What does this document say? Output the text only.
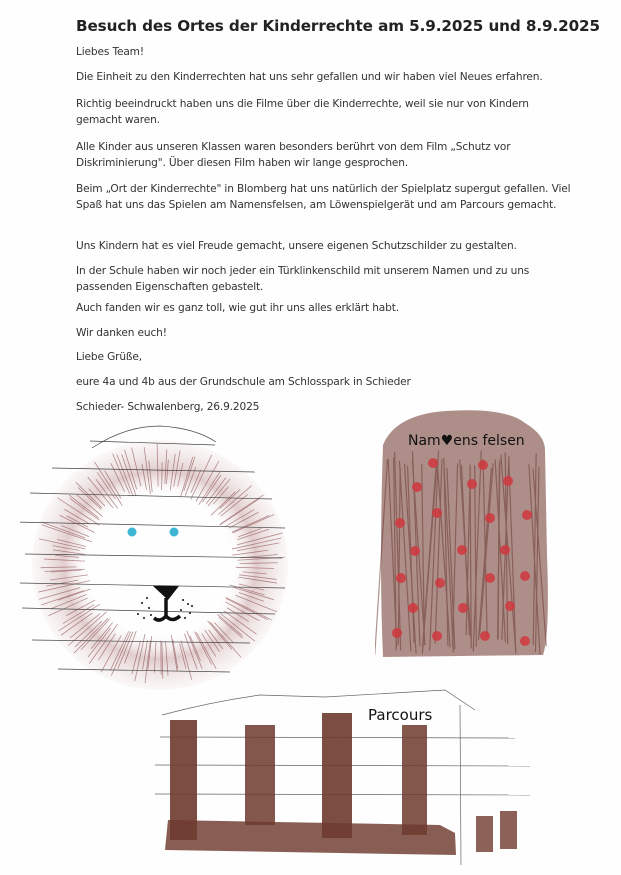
Besuch des Ortes der Kinderrechte am 5.9.2025 und 8.9.2025
Liebes Team!
Die Einheit zu den Kinderrechten hat uns sehr gefallen und wir haben viel Neues erfahren.
Richtig beeindruckt haben uns die Filme über die Kinderrechte, weil sie nur von Kindern gemacht waren.
Alle Kinder aus unseren Klassen waren besonders berührt von dem Film „Schutz vor Diskriminierung". Über diesen Film haben wir lange gesprochen.
Beim „Ort der Kinderrechte" in Blomberg hat uns natürlich der Spielplatz supergut gefallen. Viel Spaß hat uns das Spielen am Namensfelsen, am Löwenspielgerät und am Parcours gemacht.
Uns Kindern hat es viel Freude gemacht, unsere eigenen Schutzschilder zu gestalten.
In der Schule haben wir noch jeder ein Türklinkenschild mit unserem Namen und zu uns passenden Eigenschaften gebastelt.
Auch fanden wir es ganz toll, wie gut ihr uns alles erklärt habt.
Wir danken euch!
Liebe Grüße,
eure 4a und 4b aus der Grundschule am Schlosspark in Schieder
Schieder- Schwalenberg, 26.9.2025
Nam♥ens felsen
Parcours
